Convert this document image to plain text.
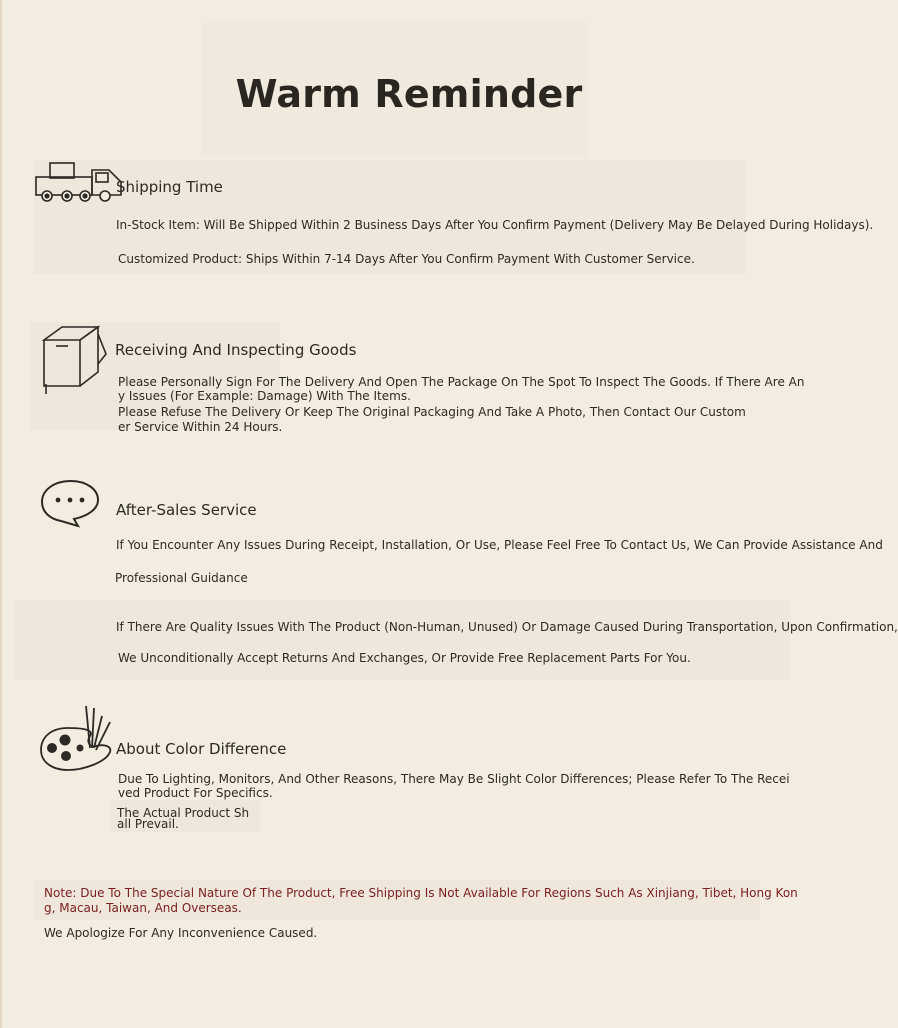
Warm Reminder
Shipping Time
In-Stock Item: Will Be Shipped Within 2 Business Days After You Confirm Payment (Delivery May Be Delayed During Holidays).
Customized Product: Ships Within 7-14 Days After You Confirm Payment With Customer Service.
Receiving And Inspecting Goods
Please Personally Sign For The Delivery And Open The Package On The Spot To Inspect The Goods. If There Are An
y Issues (For Example: Damage) With The Items.
Please Refuse The Delivery Or Keep The Original Packaging And Take A Photo, Then Contact Our Custom
er Service Within 24 Hours.
After-Sales Service
If You Encounter Any Issues During Receipt, Installation, Or Use, Please Feel Free To Contact Us, We Can Provide Assistance And
Professional Guidance
If There Are Quality Issues With The Product (Non-Human, Unused) Or Damage Caused During Transportation, Upon Confirmation,
We Unconditionally Accept Returns And Exchanges, Or Provide Free Replacement Parts For You.
About Color Difference
Due To Lighting, Monitors, And Other Reasons, There May Be Slight Color Differences; Please Refer To The Recei
ved Product For Specifics.
The Actual Product Sh
all Prevail.
Note: Due To The Special Nature Of The Product, Free Shipping Is Not Available For Regions Such As Xinjiang, Tibet, Hong Kon
g, Macau, Taiwan, And Overseas.
We Apologize For Any Inconvenience Caused.
